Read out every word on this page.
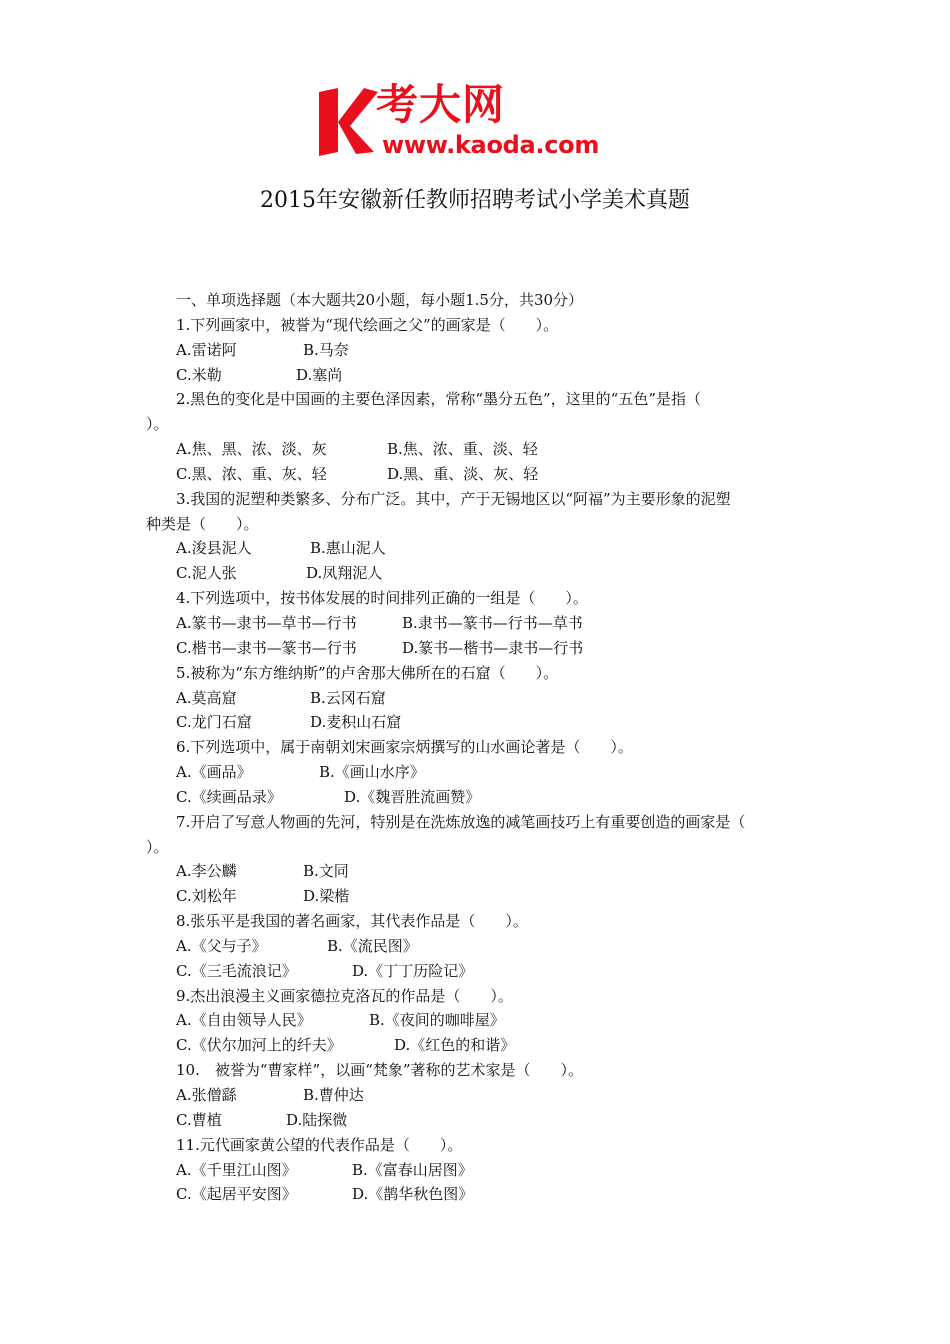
考大网
www.kaoda.com
2015年安徽新任教师招聘考试小学美术真题
一、单项选择题（本大题共20小题，每小题1.5分，共30分）
1.下列画家中，被誉为“现代绘画之父”的画家是（　　）。
A.雷诺阿	B.马奈
C.米勒	D.塞尚
2.黑色的变化是中国画的主要色泽因素，常称“墨分五色”，这里的“五色”是指（
）。
A.焦、黑、浓、淡、灰	B.焦、浓、重、淡、轻
C.黑、浓、重、灰、轻	D.黑、重、淡、灰、轻
3.我国的泥塑种类繁多、分布广泛。其中，产于无锡地区以“阿福”为主要形象的泥塑
种类是（　　）。
A.浚县泥人	B.惠山泥人
C.泥人张	D.凤翔泥人
4.下列选项中，按书体发展的时间排列正确的一组是（　　）。
A.篆书—隶书—草书—行书	B.隶书—篆书—行书—草书
C.楷书—隶书—篆书—行书	D.篆书—楷书—隶书—行书
5.被称为“东方维纳斯”的卢舍那大佛所在的石窟（　　）。
A.莫高窟	B.云冈石窟
C.龙门石窟	D.麦积山石窟
6.下列选项中，属于南朝刘宋画家宗炳撰写的山水画论著是（　　）。
A.《画品》	B.《画山水序》
C.《续画品录》	D.《魏晋胜流画赞》
7.开启了写意人物画的先河，特别是在洗炼放逸的减笔画技巧上有重要创造的画家是（
）。
A.李公麟	B.文同
C.刘松年	D.梁楷
8.张乐平是我国的著名画家，其代表作品是（　　）。
A.《父与子》	B.《流民图》
C.《三毛流浪记》	D.《丁丁历险记》
9.杰出浪漫主义画家德拉克洛瓦的作品是（　　）。
A.《自由领导人民》	B.《夜间的咖啡屋》
C.《伏尔加河上的纤夫》	D.《红色的和谐》
10.　被誉为“曹家样”，以画“梵象”著称的艺术家是（　　）。
A.张僧繇	B.曹仲达
C.曹植	D.陆探微
11.元代画家黄公望的代表作品是（　　）。
A.《千里江山图》	B.《富春山居图》
C.《起居平安图》	D.《鹊华秋色图》
